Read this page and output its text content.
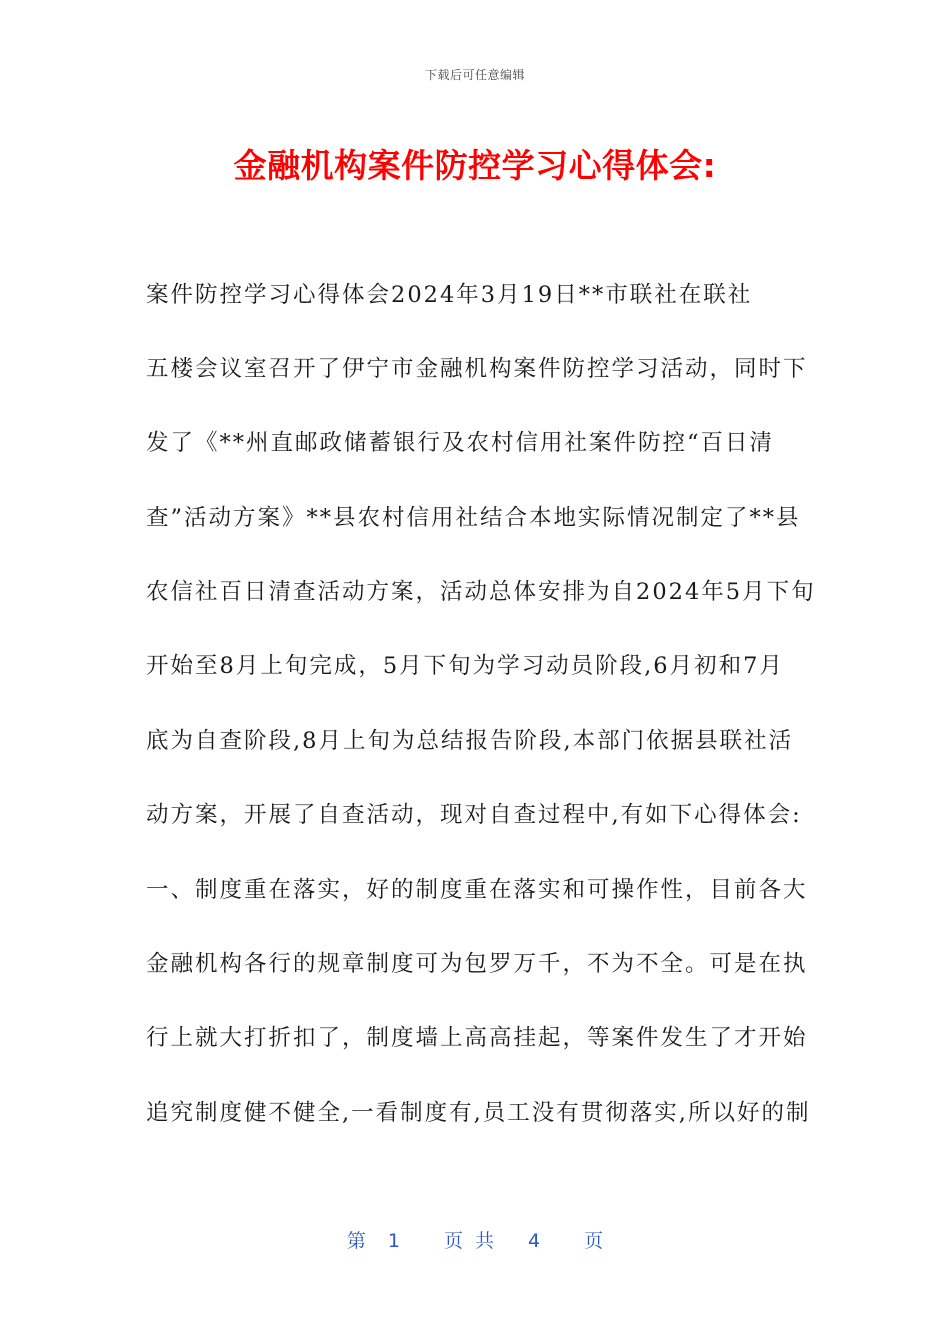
下载后可任意编辑
金融机构案件防控学习心得体会:
案件防控学习心得体会2024年3月19日**市联社在联社
五楼会议室召开了伊宁市金融机构案件防控学习活动，同时下
发了《**州直邮政储蓄银行及农村信用社案件防控“百日清
查”活动方案》**县农村信用社结合本地实际情况制定了**县
农信社百日清查活动方案，活动总体安排为自2024年5月下旬
开始至8月上旬完成，5月下旬为学习动员阶段,6月初和7月
底为自查阶段,8月上旬为总结报告阶段,本部门依据县联社活
动方案，开展了自查活动，现对自查过程中,有如下心得体会:
一、制度重在落实，好的制度重在落实和可操作性，目前各大
金融机构各行的规章制度可为包罗万千，不为不全。可是在执
行上就大打折扣了，制度墙上高高挂起，等案件发生了才开始
追究制度健不健全,一看制度有,员工没有贯彻落实,所以好的制
第 1 页共 4 页
